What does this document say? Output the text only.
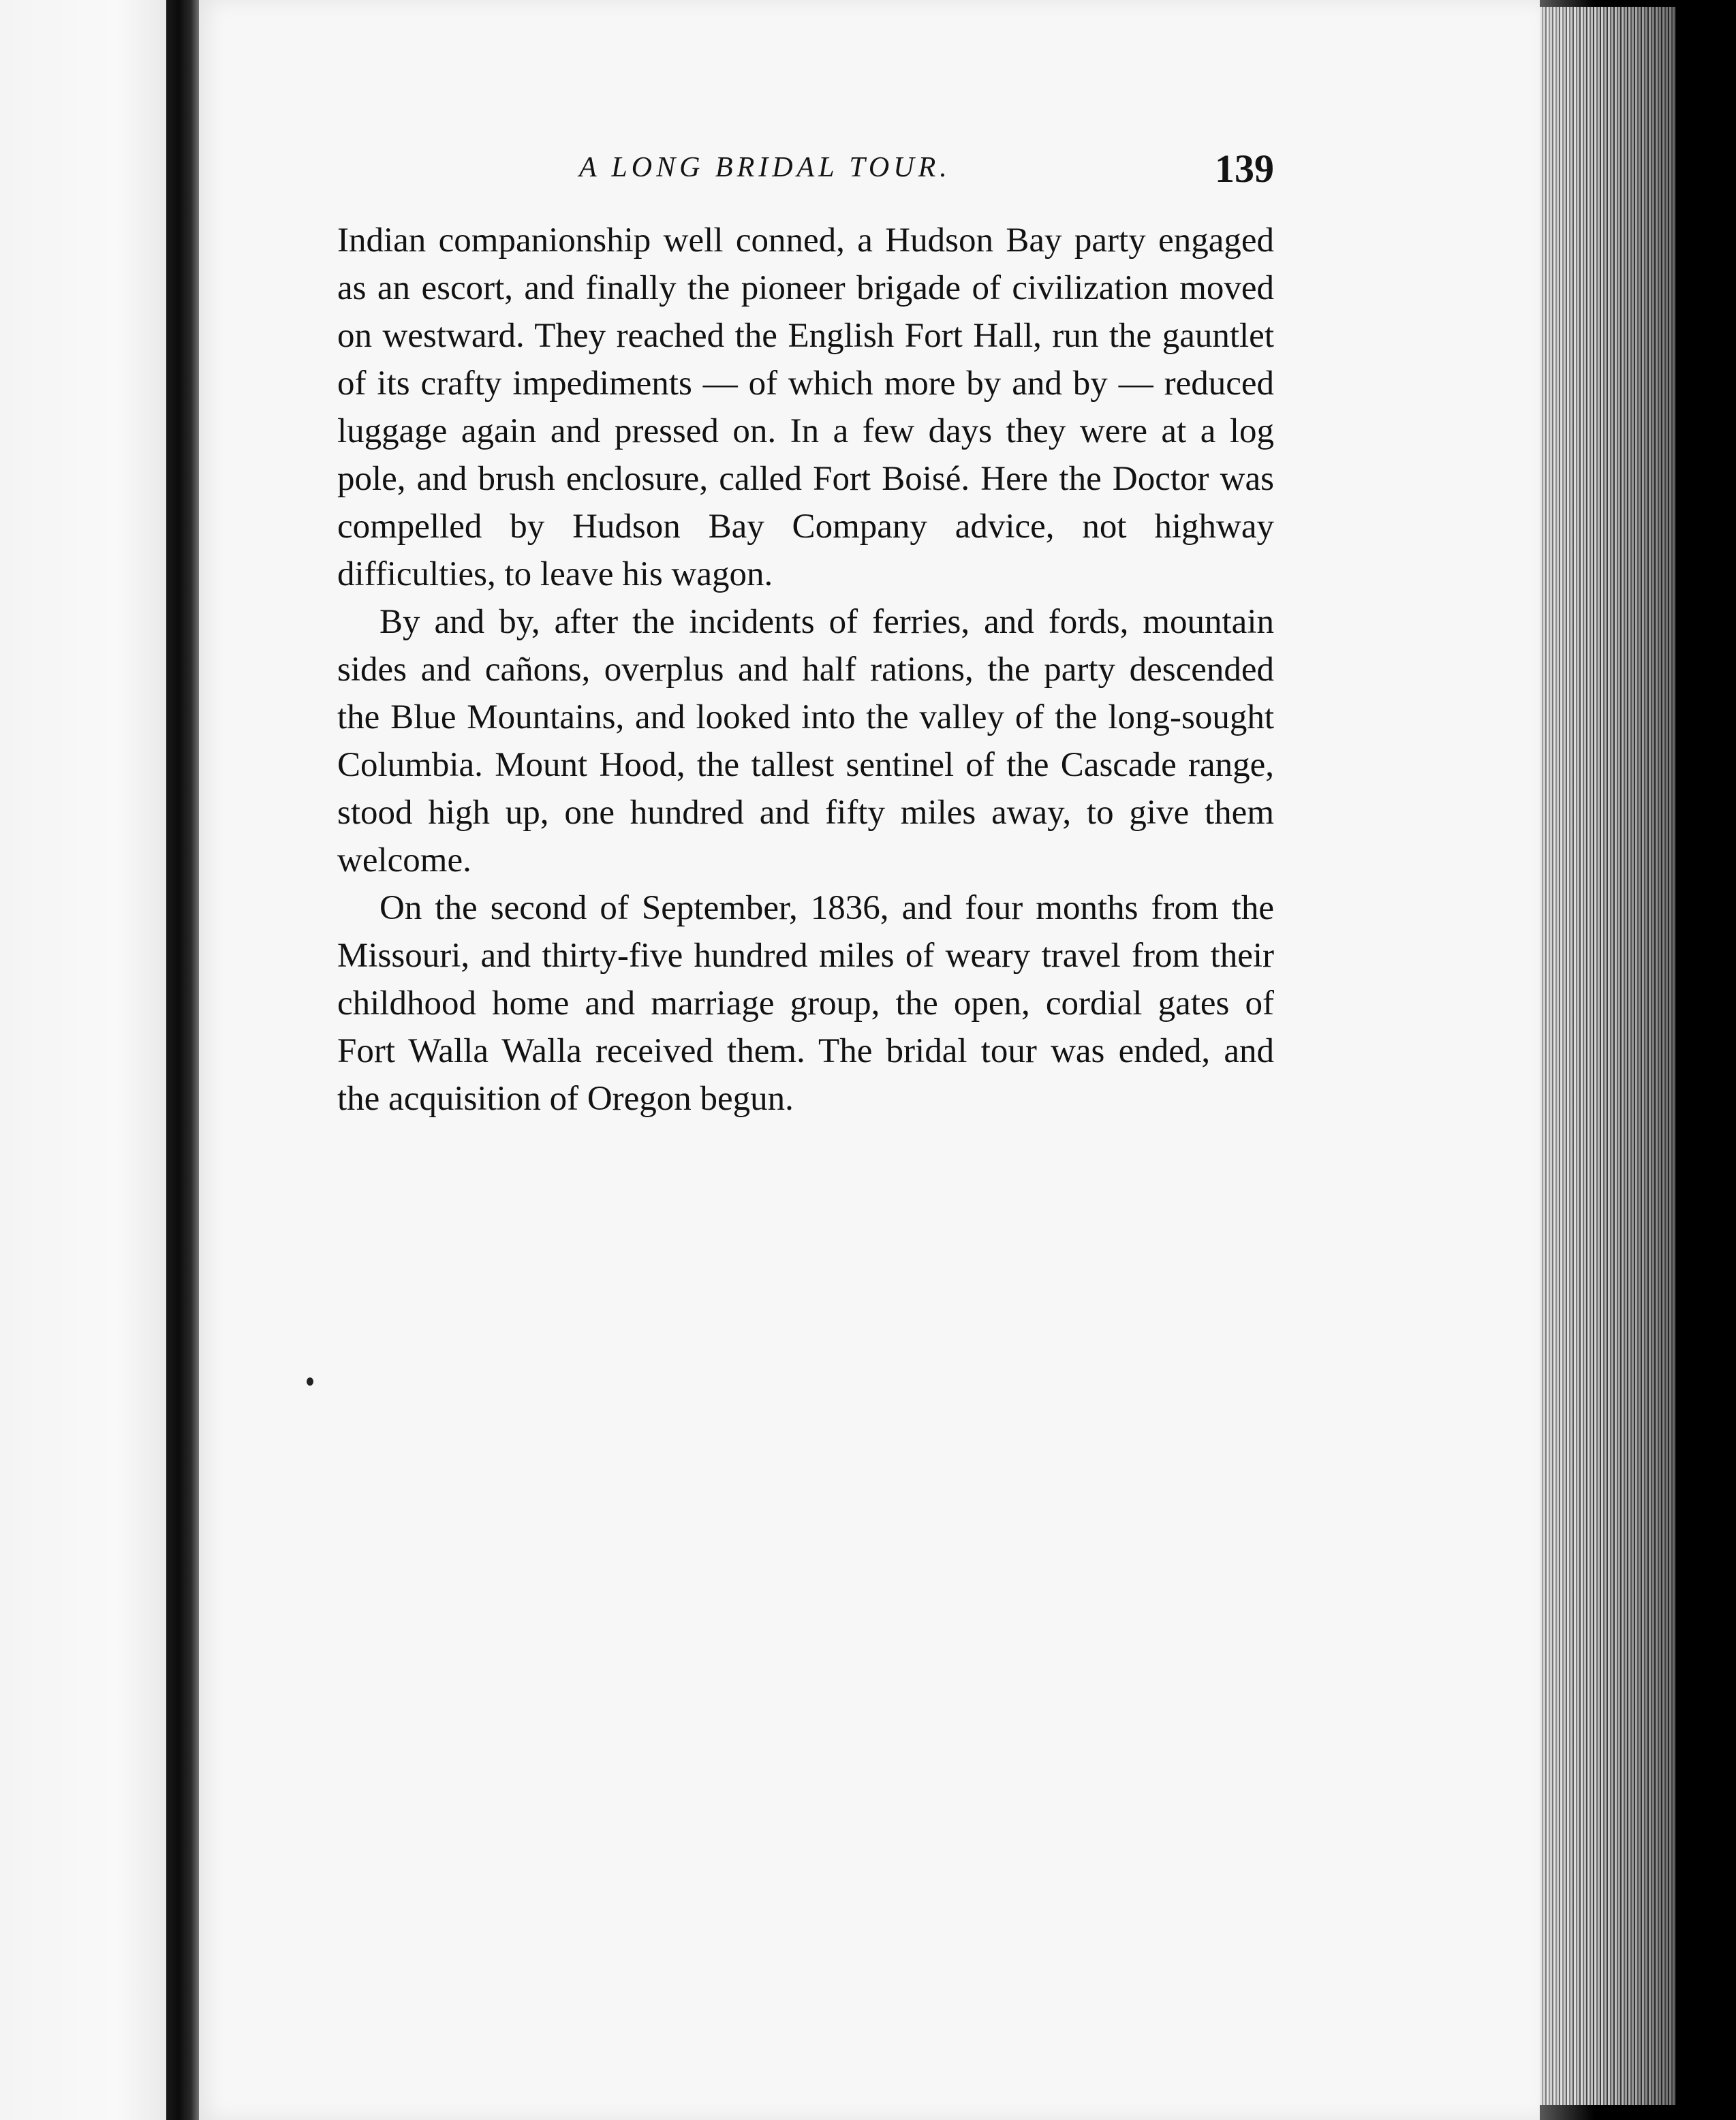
A LONG BRIDAL TOUR.	139

Indian companionship well conned, a Hudson Bay party engaged as an escort, and finally the pioneer brigade of civilization moved on westward. They reached the English Fort Hall, run the gauntlet of its crafty impediments — of which more by and by — reduced luggage again and pressed on. In a few days they were at a log pole, and brush enclosure, called Fort Boisé. Here the Doctor was compelled by Hudson Bay Company advice, not highway difficulties, to leave his wagon.

By and by, after the incidents of ferries, and fords, mountain sides and cañons, overplus and half rations, the party descended the Blue Mountains, and looked into the valley of the long-sought Columbia. Mount Hood, the tallest sentinel of the Cascade range, stood high up, one hundred and fifty miles away, to give them welcome.

On the second of September, 1836, and four months from the Missouri, and thirty-five hundred miles of weary travel from their childhood home and marriage group, the open, cordial gates of Fort Walla Walla received them. The bridal tour was ended, and the acquisition of Oregon begun.
